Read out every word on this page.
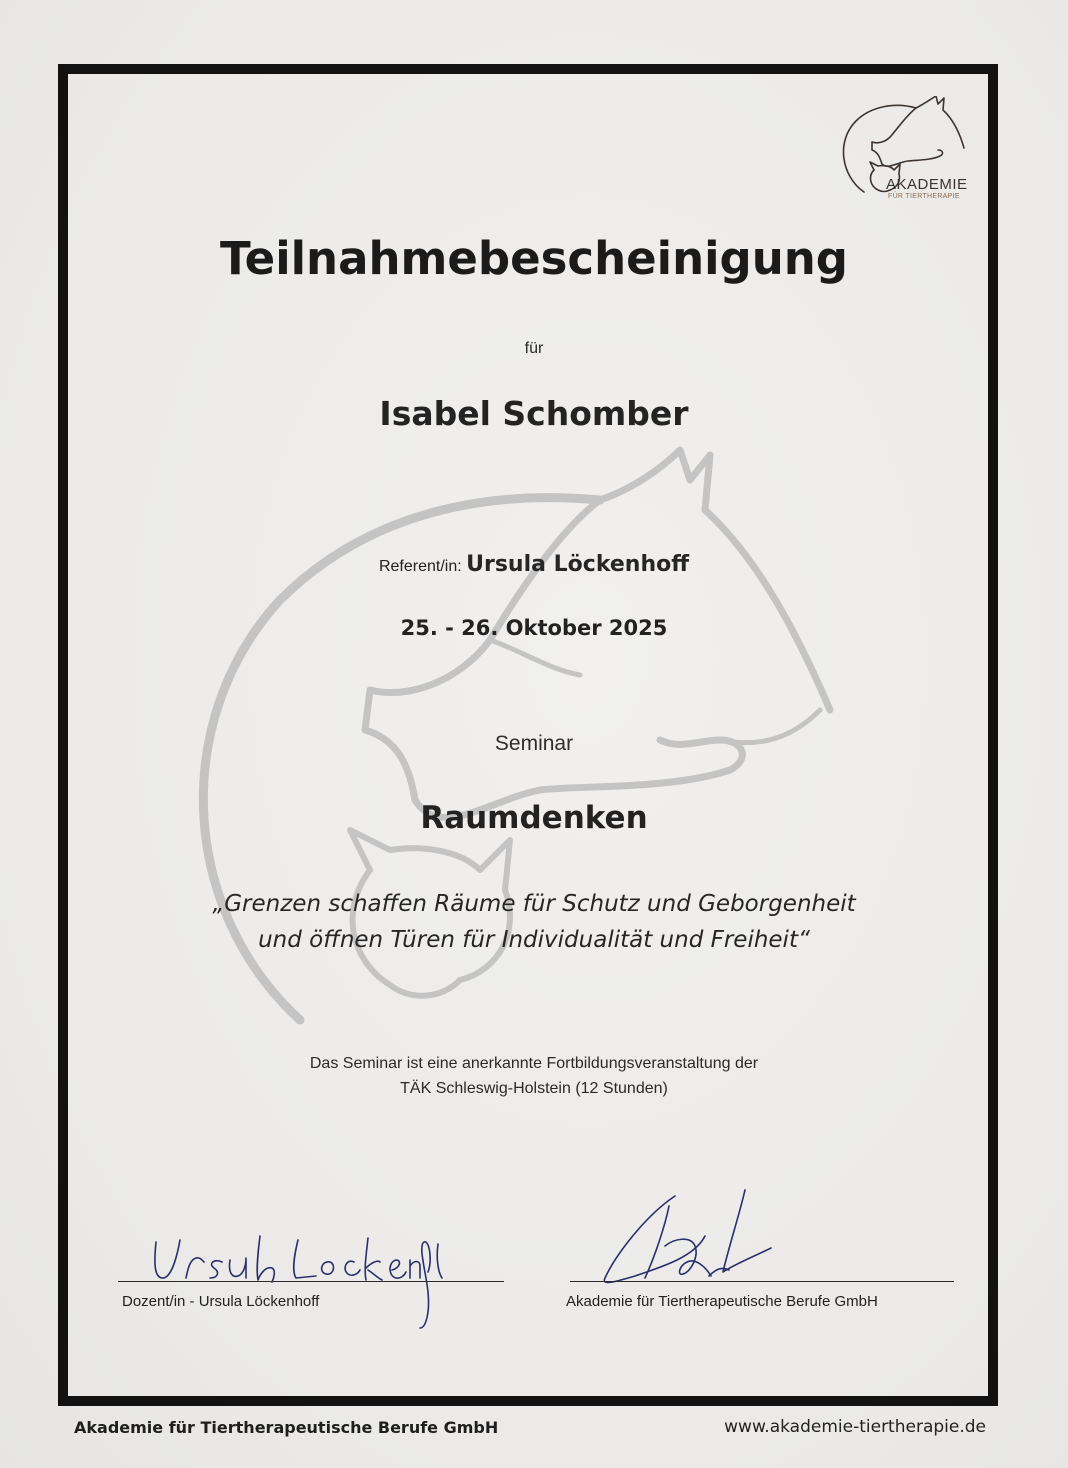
AKADEMIE
FÜR TIERTHERAPIE
Teilnahmebescheinigung
für
Isabel Schomber
Referent/in: Ursula Löckenhoff
25. - 26. Oktober 2025
Seminar
Raumdenken
„Grenzen schaffen Räume für Schutz und Geborgenheit
und öffnen Türen für Individualität und Freiheit“
Das Seminar ist eine anerkannte Fortbildungsveranstaltung der
TÄK Schleswig-Holstein (12 Stunden)
Dozent/in - Ursula Löckenhoff	Akademie für Tiertherapeutische Berufe GmbH
Akademie für Tiertherapeutische Berufe GmbH	www.akademie-tiertherapie.de
